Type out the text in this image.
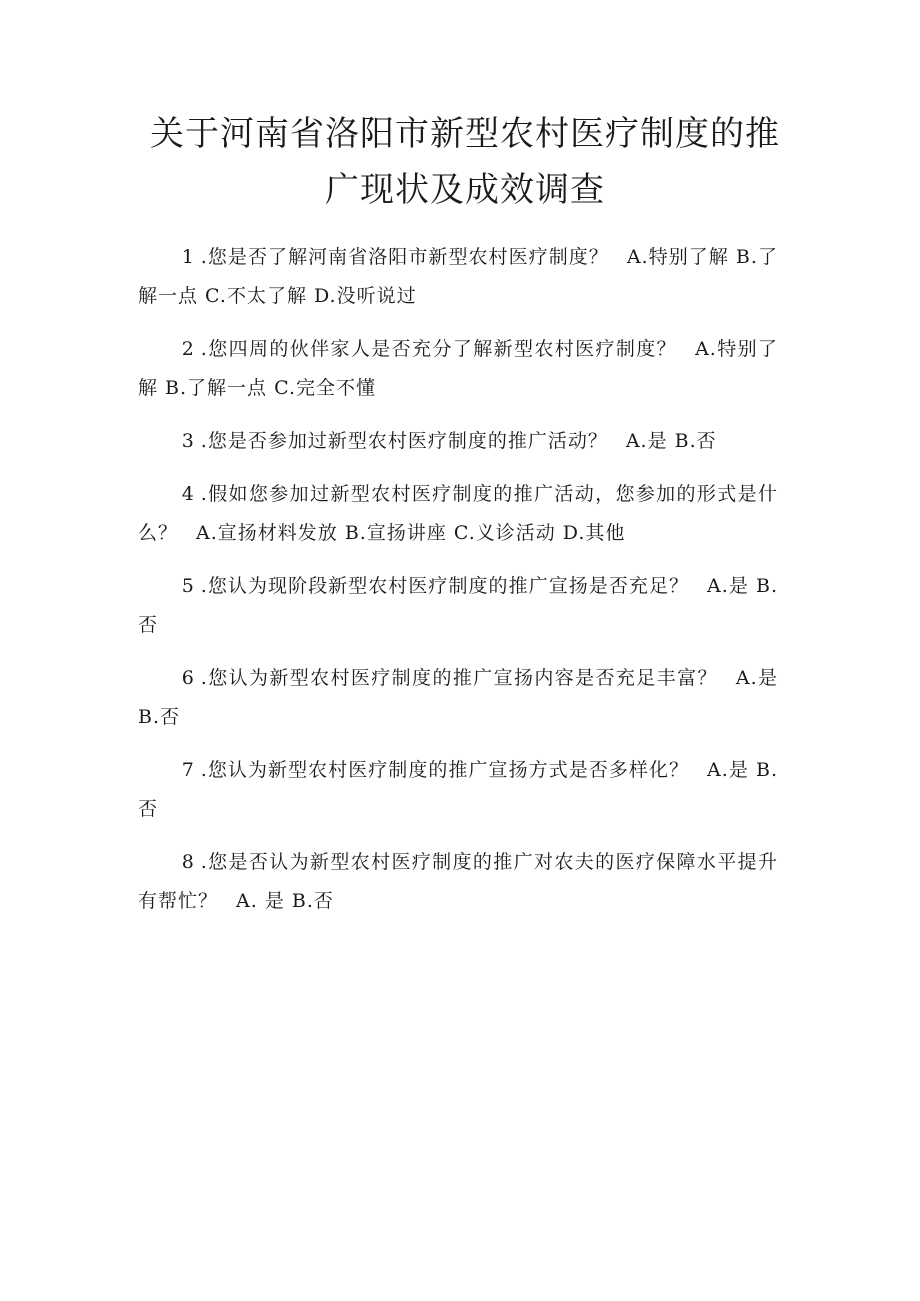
关于河南省洛阳市新型农村医疗制度的推广现状及成效调查
1 .您是否了解河南省洛阳市新型农村医疗制度？ A.特别了解 B.了解一点 C.不太了解 D.没听说过
2 .您四周的伙伴家人是否充分了解新型农村医疗制度？ A.特别了解 B.了解一点 C.完全不懂
3 .您是否参加过新型农村医疗制度的推广活动？ A.是 B.否
4 .假如您参加过新型农村医疗制度的推广活动，您参加的形式是什么？ A.宣扬材料发放 B.宣扬讲座 C.义诊活动 D.其他
5 .您认为现阶段新型农村医疗制度的推广宣扬是否充足？ A.是 B.否
6 .您认为新型农村医疗制度的推广宣扬内容是否充足丰富？ A.是 B.否
7 .您认为新型农村医疗制度的推广宣扬方式是否多样化？ A.是 B.否
8 .您是否认为新型农村医疗制度的推广对农夫的医疗保障水平提升有帮忙？ A. 是 B.否
